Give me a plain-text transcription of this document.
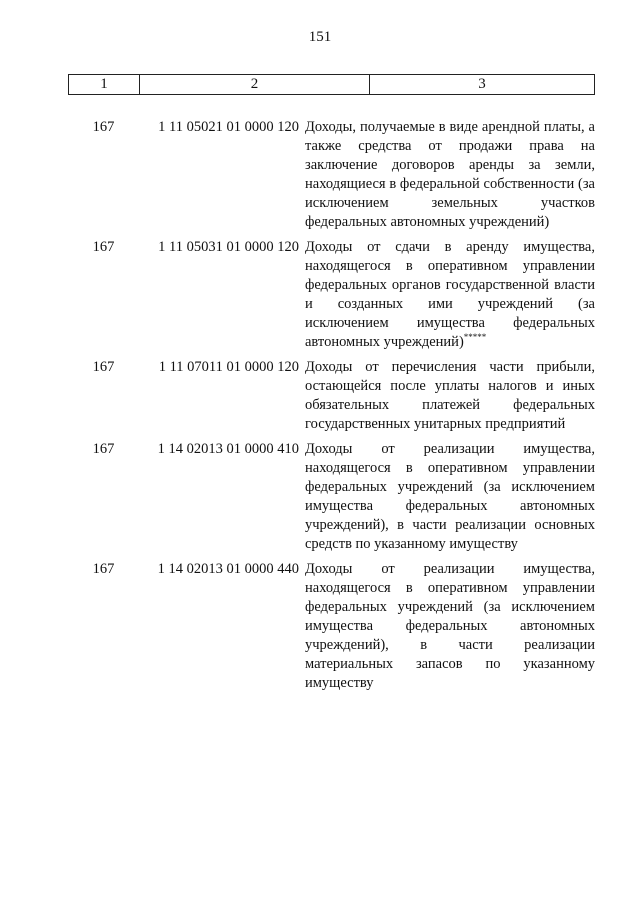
151
1	2	3
167	1 11 05021 01 0000 120 Доходы, получаемые в виде арендной платы, а также средства от продажи права на заключение договоров аренды за земли, находящиеся в федеральной собственности (за исключением земельных участков федеральных автономных учреждений)
167	1 11 05031 01 0000 120 Доходы от сдачи в аренду имущества, находящегося в оперативном управлении федеральных органов государственной власти и созданных ими учреждений (за исключением имущества федеральных автономных учреждений)*****
167	1 11 07011 01 0000 120 Доходы от перечисления части прибыли, остающейся после уплаты налогов и иных обязательных платежей федеральных государственных унитарных предприятий
167	1 14 02013 01 0000 410 Доходы от реализации имущества, находящегося в оперативном управлении федеральных учреждений (за исключением имущества федеральных автономных учреждений), в части реализации основных средств по указанному имуществу
167	1 14 02013 01 0000 440 Доходы от реализации имущества, находящегося в оперативном управлении федеральных учреждений (за исключением имущества федеральных автономных учреждений), в части реализации материальных запасов по указанному имуществу
